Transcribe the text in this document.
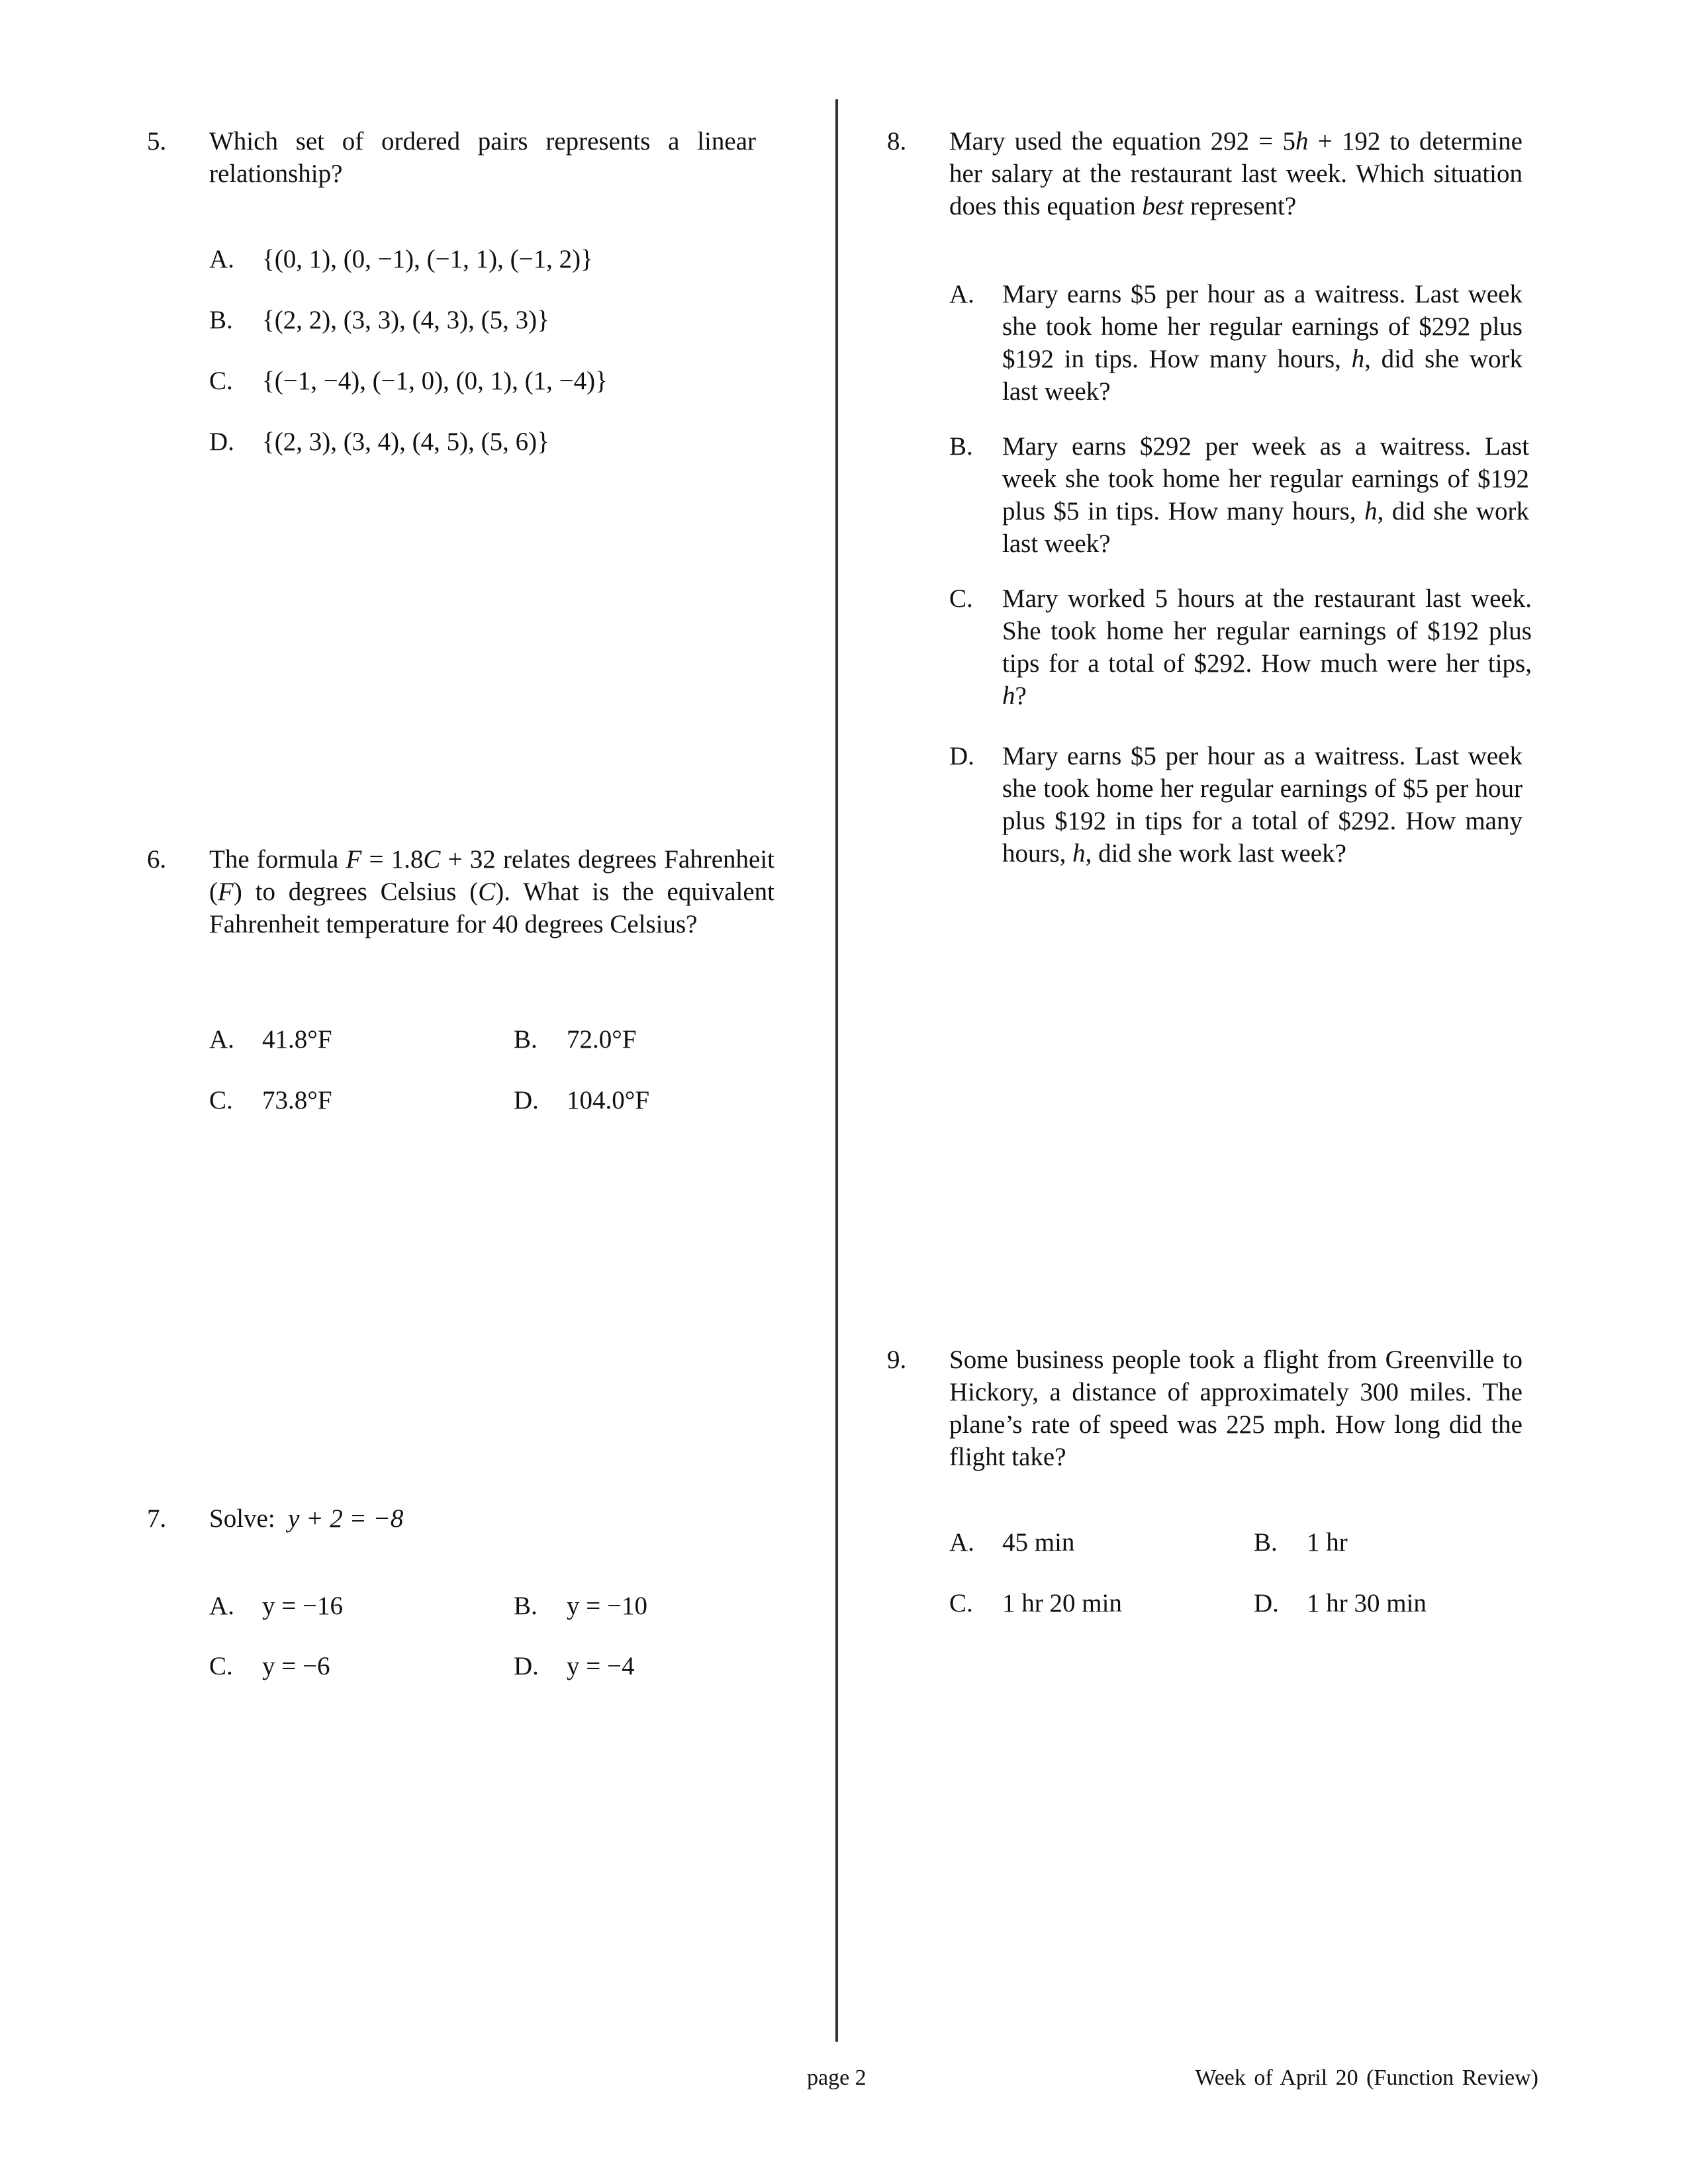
5. Which set of ordered pairs represents a linear relationship?
A. {(0, 1), (0, −1), (−1, 1), (−1, 2)}
B. {(2, 2), (3, 3), (4, 3), (5, 3)}
C. {(−1, −4), (−1, 0), (0, 1), (1, −4)}
D. {(2, 3), (3, 4), (4, 5), (5, 6)}
6. The formula F = 1.8C + 32 relates degrees Fahrenheit (F) to degrees Celsius (C). What is the equivalent Fahrenheit temperature for 40 degrees Celsius?
A. 41.8°F	B. 72.0°F
C. 73.8°F	D. 104.0°F
7. Solve: y + 2 = −8
A. y = −16	B. y = −10
C. y = −6	D. y = −4
8. Mary used the equation 292 = 5h + 192 to determine her salary at the restaurant last week. Which situation does this equation best represent?
A. Mary earns $5 per hour as a waitress. Last week she took home her regular earnings of $292 plus $192 in tips. How many hours, h, did she work last week?
B. Mary earns $292 per week as a waitress. Last week she took home her regular earnings of $192 plus $5 in tips. How many hours, h, did she work last week?
C. Mary worked 5 hours at the restaurant last week. She took home her regular earnings of $192 plus tips for a total of $292. How much were her tips, h?
D. Mary earns $5 per hour as a waitress. Last week she took home her regular earnings of $5 per hour plus $192 in tips for a total of $292. How many hours, h, did she work last week?
9. Some business people took a flight from Greenville to Hickory, a distance of approximately 300 miles. The plane’s rate of speed was 225 mph. How long did the flight take?
A. 45 min	B. 1 hr
C. 1 hr 20 min	D. 1 hr 30 min
page 2	Week of April 20 (Function Review)
